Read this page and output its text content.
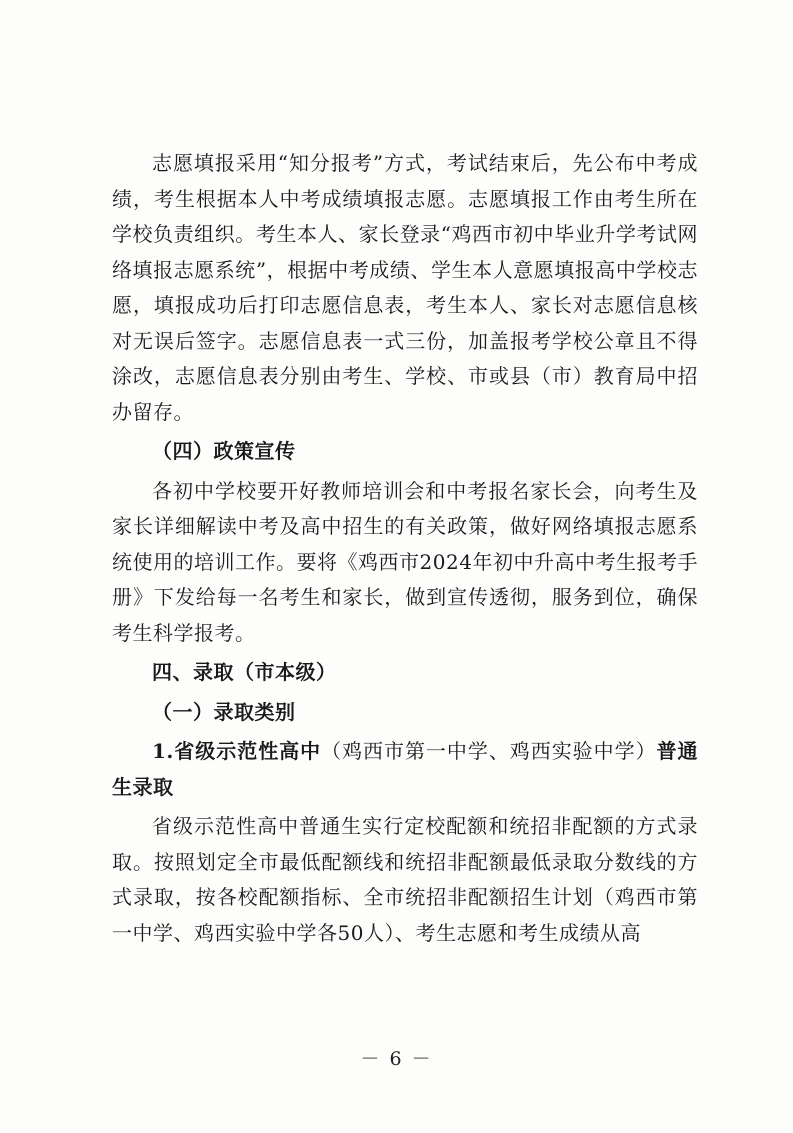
志愿填报采用“知分报考”方式，考试结束后，先公布中考成绩，考生根据本人中考成绩填报志愿。志愿填报工作由考生所在学校负责组织。考生本人、家长登录“鸡西市初中毕业升学考试网络填报志愿系统”，根据中考成绩、学生本人意愿填报高中学校志愿，填报成功后打印志愿信息表，考生本人、家长对志愿信息核对无误后签字。志愿信息表一式三份，加盖报考学校公章且不得涂改，志愿信息表分别由考生、学校、市或县（市）教育局中招办留存。

（四）政策宣传

各初中学校要开好教师培训会和中考报名家长会，向考生及家长详细解读中考及高中招生的有关政策，做好网络填报志愿系统使用的培训工作。要将《鸡西市2024年初中升高中考生报考手册》下发给每一名考生和家长，做到宣传透彻，服务到位，确保考生科学报考。

四、录取（市本级）

（一）录取类别

1.省级示范性高中（鸡西市第一中学、鸡西实验中学）普通生录取

省级示范性高中普通生实行定校配额和统招非配额的方式录取。按照划定全市最低配额线和统招非配额最低录取分数线的方式录取，按各校配额指标、全市统招非配额招生计划（鸡西市第一中学、鸡西实验中学各50人）、考生志愿和考生成绩从高

－ 6 －
